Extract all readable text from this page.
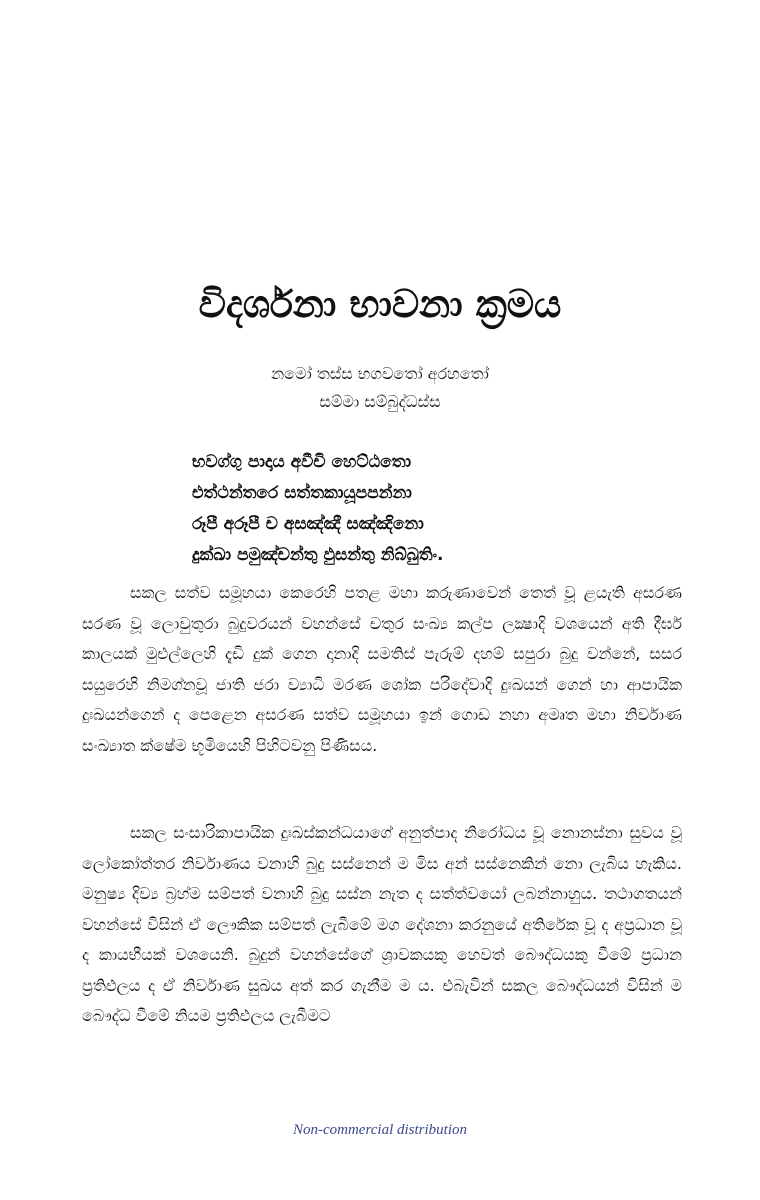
විදර්ශනා භාවනා ක්‍රමය
නමෝ තස්ස භගවතෝ අරහතෝ
සම්මා සම්බුද්ධස්ස
භවග්ගු පාදාය අවීචි හෙට්ඨතො
එත්ථන්තරෙ සත්තකායූපපන්නා
රූපී අරූපී ච අසඤ්ඤී සඤ්ඤිනො
දුක්ඛා පමුඤ්චන්තු ඵුසන්තු නිබ්බුතිං.

සකල සත්ව සමූහයා කෙරෙහි පතළ මහා කරුණාවෙන් තෙත් වූ ළයැති අසරණ සරණ වූ ලොවුතුරා බුදුවරයන් වහන්සේ චතුර සංඛ්‍ය කල්ප ලක්‍ෂාදි වශයෙන් අති දීර්ඝ කාලයක් මුළුල්ලෙහි දැඩි දුක් ගෙන දානාදි සමතිස් පැරුම් දහම් සපුරා බුදු වන්නේ, සසර සයුරෙහි නිමග්නවූ ජාති ජරා ව්‍යාධි මරණ ශෝක පරිදේවාදි දුඃඛයන් ගෙන් හා ආපායික දුඃඛයන්ගෙන් ද පෙළෙන අසරණ සත්ව සමූහයා ඉන් ගොඩ නහා අමෘත මහා නිර්වාණ සංඛ්‍යාත ක්ෂේම භූමියෙහි පිහිටවනු පිණිසය.

සකල සංසාරිකාපායික දුඃඛස්කන්ධයාගේ අනුත්පාද නිරෝධය වූ නොනස්නා සුවය වූ ලෝකෝත්තර නිර්වාණය වනාහි බුදු සස්නෙන් ම මිස අන් සස්නෙකින් නො ලැබිය හැකිය. මනුෂ්‍ය දිව්‍ය බ්‍රහ්ම සම්පත් වනාහි බුදු සස්න නැත ද සත්ත්වයෝ ලබන්නාහුය. තථාගතයන් වහන්සේ විසින් ඒ ලෞකික සම්පත් ලැබීමේ මග දේශනා කරනුයේ අතිරේක වූ ද අප්‍රධාන වූ ද කායභීයක් වශයෙනි. බුදුන් වහන්සේගේ ශ්‍රාවකයකු හෙවත් බෞද්ධයකු වීමේ ප්‍රධාන ප්‍රතිඵලය ද ඒ නිර්වාණ සුඛය අත් කර ගැනීම ම ය. එබැවින් සකල බෞද්ධයන් විසින් ම බෞද්ධ වීමේ නියම ප්‍රතිඵලය ලැබීමට

Non-commercial distribution
